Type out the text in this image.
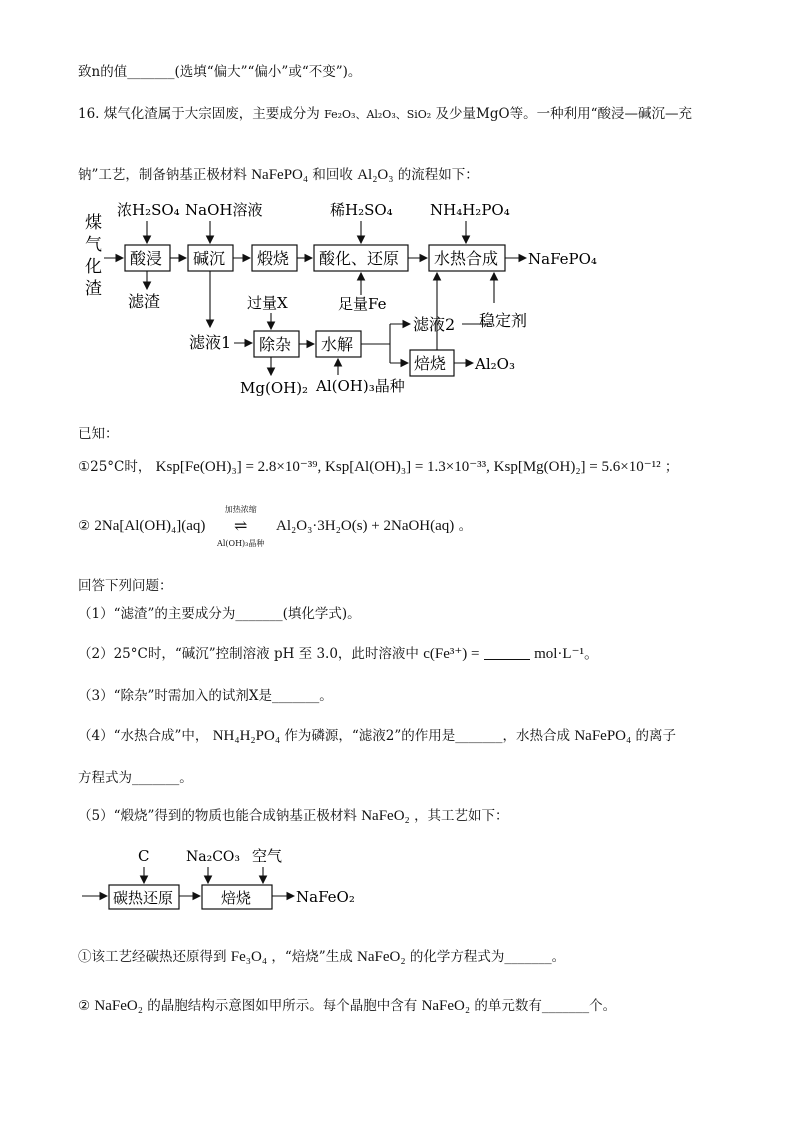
致n的值_______(选填“偏大”“偏小”或“不变”)。
16. 煤气化渣属于大宗固废，主要成分为 Fe₂O₃、Al₂O₃、SiO₂ 及少量MgO等。一种利用“酸浸—碱沉—充
钠”工艺，制备钠基正极材料 NaFePO₄ 和回收 Al₂O₃ 的流程如下：
煤
气
化
渣
浓H₂SO₄ NaOH溶液	稀H₂SO₄ NH₄H₂PO₄
酸浸 碱沉 煅烧 酸化、还原 水热合成 NaFePO₄
滤渣	足量Fe
稳定剂
过量X
滤液1 除杂 水解
Mg(OH)₂ Al(OH)₃晶种
滤液2
焙烧 Al₂O₃
已知：
①25°C时， Ksp[Fe(OH)₃] = 2.8×10⁻³⁹, Ksp[Al(OH)₃] = 1.3×10⁻³³, Ksp[Mg(OH)₂] = 5.6×10⁻¹² ；
② 2Na[Al(OH)₄](aq)
加热浓缩
⇌
Al(OH)₃晶种
Al₂O₃·3H₂O(s) + 2NaOH(aq) 。
回答下列问题：
（1）“滤渣”的主要成分为_______(填化学式)。
（2）25°C时，“碱沉”控制溶液 pH 至 3.0，此时溶液中 c(Fe³⁺) =	mol·L⁻¹。
（3）“除杂”时需加入的试剂X是_______。
（4）“水热合成”中， NH₄H₂PO₄ 作为磷源，“滤液2”的作用是_______，水热合成 NaFePO₄ 的离子
方程式为_______。
（5）“煅烧”得到的物质也能合成钠基正极材料 NaFeO₂ ，其工艺如下：
C	Na₂CO₃ 空气
碳热还原	焙烧	NaFeO₂
①该工艺经碳热还原得到 Fe₃O₄ ，“焙烧”生成 NaFeO₂ 的化学方程式为_______。
② NaFeO₂ 的晶胞结构示意图如甲所示。每个晶胞中含有 NaFeO₂ 的单元数有_______个。
